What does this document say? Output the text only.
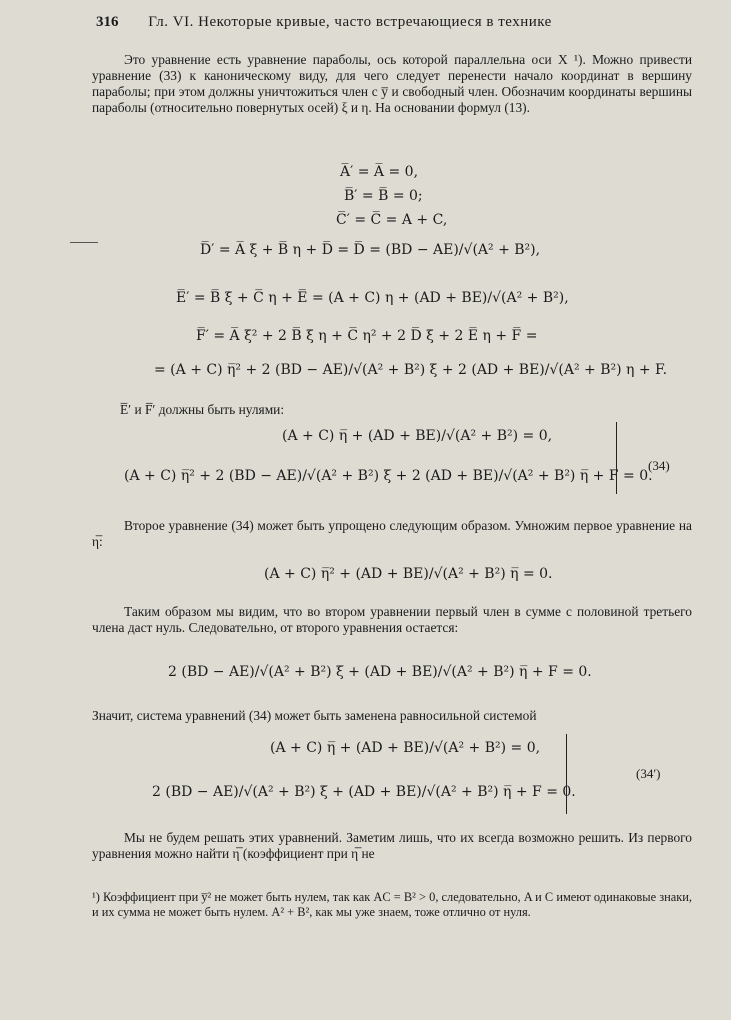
316 Гл. VI. Некоторые кривые, часто встречающиеся в технике
Это уравнение есть уравнение параболы, ось которой параллельна оси X ¹). Можно привести уравнение (33) к каноническому виду, для чего следует перенести начало координат в вершину параболы; при этом должны уничтожиться член с y̅ и свободный член. Обозначим координаты вершины параболы (относительно повернутых осей) ξ и η. На основании формул (13).
A̅′ = A̅ = 0,
B̅′ = B̅ = 0;
C̅′ = C̅ = A + C,
D̅′ = A̅ ξ + B̅ η + D̅ = D̅ = (BD − AE)/√(A² + B²),
E̅′ = B̅ ξ + C̅ η + E̅ = (A + C) η + (AD + BE)/√(A² + B²),
F̅′ = A̅ ξ² + 2 B̅ ξ η + C̅ η² + 2 D̅ ξ + 2 E̅ η + F̅ =
= (A + C) η̅² + 2 (BD − AE)/√(A² + B²) ξ + 2 (AD + BE)/√(A² + B²) η + F.
E̅′ и F̅′ должны быть нулями:
(A + C) η̅ + (AD + BE)/√(A² + B²) = 0,
(A + C) η̅² + 2 (BD − AE)/√(A² + B²) ξ̅ + 2 (AD + BE)/√(A² + B²) η̅ + F = 0.
(34)
Второе уравнение (34) может быть упрощено следующим образом. Умножим первое уравнение на η̅:
(A + C) η̅² + (AD + BE)/√(A² + B²) η̅ = 0.
Таким образом мы видим, что во втором уравнении первый член в сумме с половиной третьего члена даст нуль. Следовательно, от второго уравнения остается:
2 (BD − AE)/√(A² + B²) ξ̅ + (AD + BE)/√(A² + B²) η̅ + F = 0.
Значит, система уравнений (34) может быть заменена равносильной системой
(A + C) η̅ + (AD + BE)/√(A² + B²) = 0,
2 (BD − AE)/√(A² + B²) ξ̅ + (AD + BE)/√(A² + B²) η̅ + F = 0.
(34′)
Мы не будем решать этих уравнений. Заметим лишь, что их всегда возможно решить. Из первого уравнения можно найти η̅ (коэффициент при η̅ не
¹) Коэффициент при y̅² не может быть нулем, так как AC = B² > 0, следовательно, A и C имеют одинаковые знаки, и их сумма не может быть нулем. A² + B², как мы уже знаем, тоже отлично от нуля.
